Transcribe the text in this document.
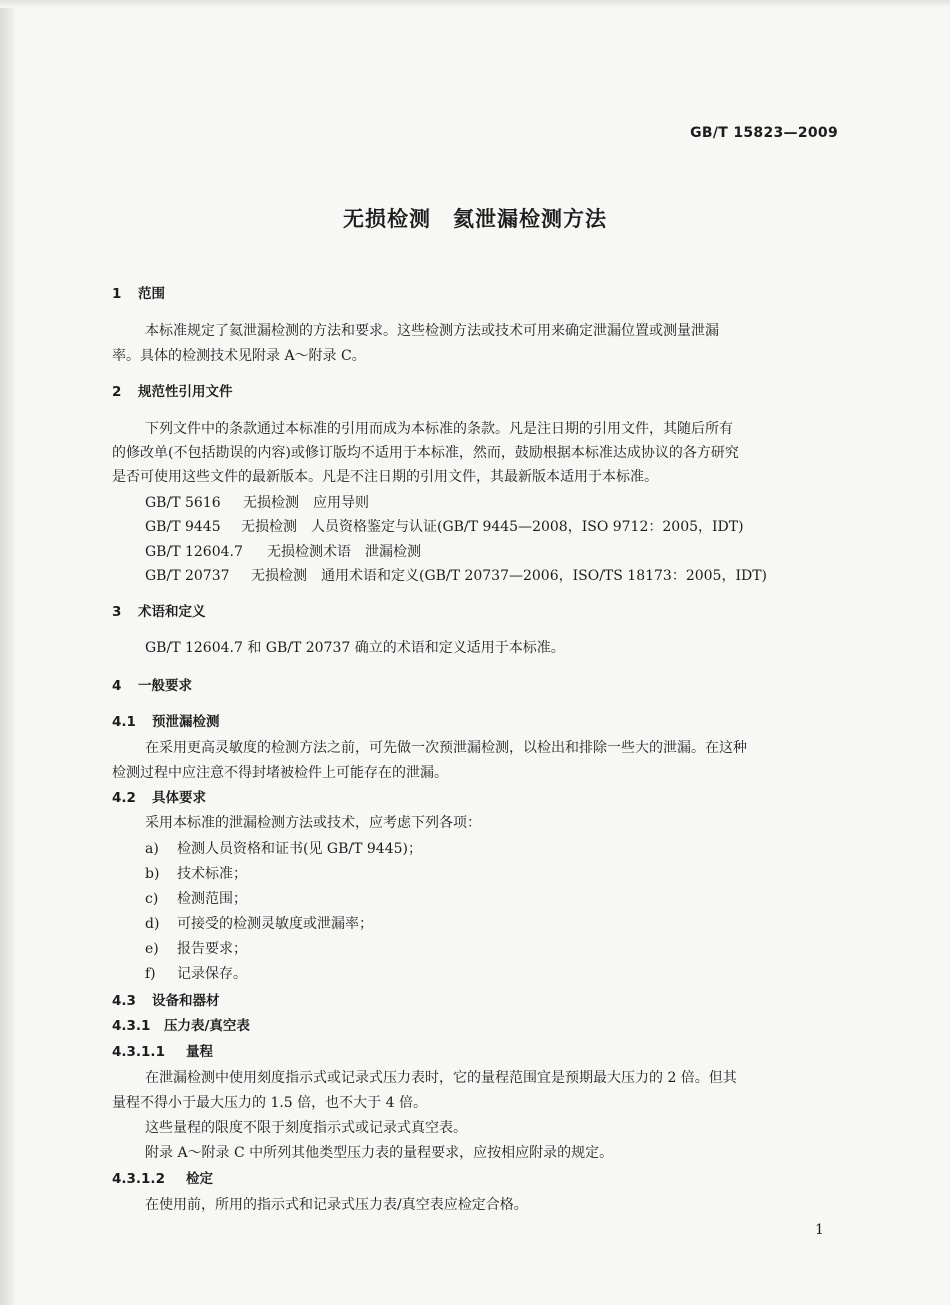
GB/T 15823—2009
无损检测　氦泄漏检测方法
1 范围
本标准规定了氦泄漏检测的方法和要求。这些检测方法或技术可用来确定泄漏位置或测量泄漏
率。具体的检测技术见附录 A～附录 C。
2 规范性引用文件
下列文件中的条款通过本标准的引用而成为本标准的条款。凡是注日期的引用文件，其随后所有
的修改单(不包括勘误的内容)或修订版均不适用于本标准，然而，鼓励根据本标准达成协议的各方研究
是否可使用这些文件的最新版本。凡是不注日期的引用文件，其最新版本适用于本标准。
GB/T 5616 无损检测　应用导则
GB/T 9445 无损检测　人员资格鉴定与认证(GB/T 9445—2008，ISO 9712：2005，IDT)
GB/T 12604.7 无损检测术语　泄漏检测
GB/T 20737 无损检测　通用术语和定义(GB/T 20737—2006，ISO/TS 18173：2005，IDT)
3 术语和定义
GB/T 12604.7 和 GB/T 20737 确立的术语和定义适用于本标准。
4 一般要求
4.1 预泄漏检测
在采用更高灵敏度的检测方法之前，可先做一次预泄漏检测，以检出和排除一些大的泄漏。在这种
检测过程中应注意不得封堵被检件上可能存在的泄漏。
4.2 具体要求
采用本标准的泄漏检测方法或技术，应考虑下列各项：
a) 检测人员资格和证书(见 GB/T 9445)；
b) 技术标准；
c) 检测范围；
d) 可接受的检测灵敏度或泄漏率；
e) 报告要求；
f) 记录保存。
4.3 设备和器材
4.3.1 压力表/真空表
4.3.1.1 量程
在泄漏检测中使用刻度指示式或记录式压力表时，它的量程范围宜是预期最大压力的 2 倍。但其
量程不得小于最大压力的 1.5 倍，也不大于 4 倍。
这些量程的限度不限于刻度指示式或记录式真空表。
附录 A～附录 C 中所列其他类型压力表的量程要求，应按相应附录的规定。
4.3.1.2 检定
在使用前，所用的指示式和记录式压力表/真空表应检定合格。
1
